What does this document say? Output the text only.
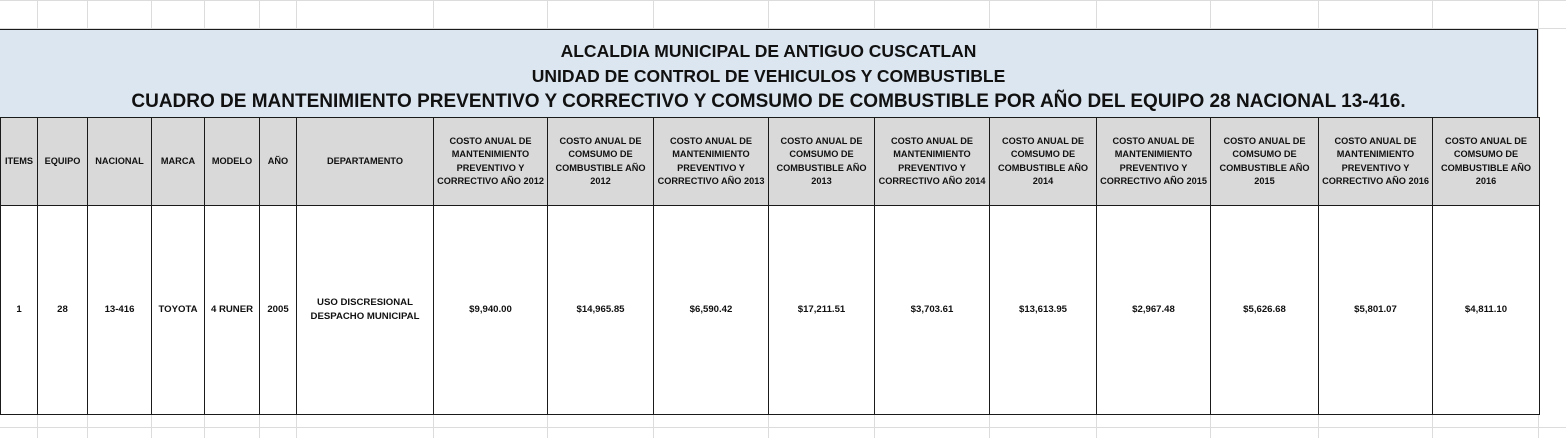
ALCALDIA MUNICIPAL DE ANTIGUO CUSCATLAN
UNIDAD DE CONTROL DE VEHICULOS Y COMBUSTIBLE
CUADRO DE MANTENIMIENTO PREVENTIVO Y CORRECTIVO Y COMSUMO DE COMBUSTIBLE POR AÑO DEL EQUIPO 28 NACIONAL 13-416.
ITEMS	EQUIPO	NACIONAL	MARCA	MODELO	AÑO	DEPARTAMENTO	COSTO ANUAL DE MANTENIMIENTO PREVENTIVO Y CORRECTIVO AÑO 2012	COSTO ANUAL DE COMSUMO DE COMBUSTIBLE AÑO 2012	COSTO ANUAL DE MANTENIMIENTO PREVENTIVO Y CORRECTIVO AÑO 2013	COSTO ANUAL DE COMSUMO DE COMBUSTIBLE AÑO 2013	COSTO ANUAL DE MANTENIMIENTO PREVENTIVO Y CORRECTIVO AÑO 2014	COSTO ANUAL DE COMSUMO DE COMBUSTIBLE AÑO 2014	COSTO ANUAL DE MANTENIMIENTO PREVENTIVO Y CORRECTIVO AÑO 2015	COSTO ANUAL DE COMSUMO DE COMBUSTIBLE AÑO 2015	COSTO ANUAL DE MANTENIMIENTO PREVENTIVO Y CORRECTIVO AÑO 2016	COSTO ANUAL DE COMSUMO DE COMBUSTIBLE AÑO 2016
1	28	13-416	TOYOTA	4 RUNER	2005	USO DISCRESIONAL DESPACHO MUNICIPAL	$9,940.00	$14,965.85	$6,590.42	$17,211.51	$3,703.61	$13,613.95	$2,967.48	$5,626.68	$5,801.07	$4,811.10
